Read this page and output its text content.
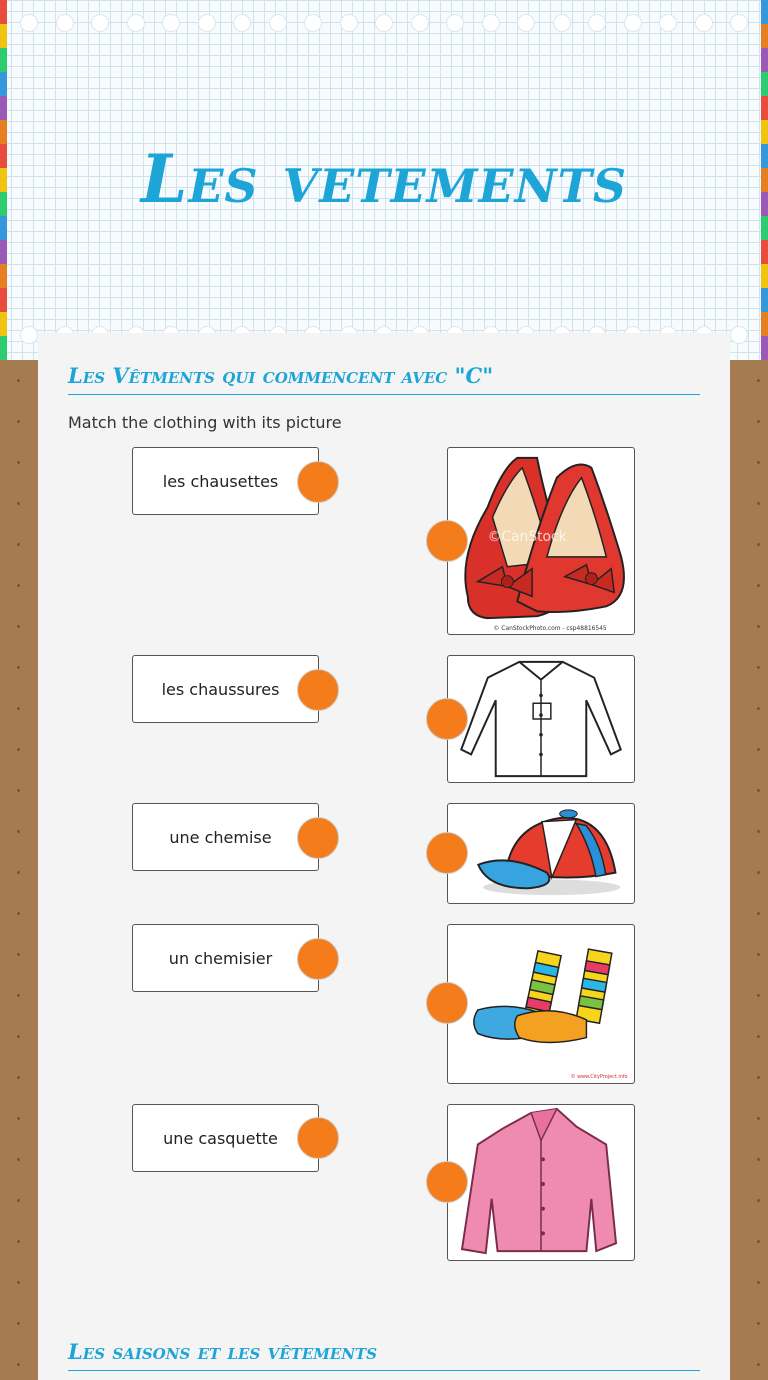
Les vetements
Les Vêtments qui commencent avec "C"
Match the clothing with its picture
les chausettes
les chaussures
une chemise
un chemisier
une casquette
©CanStock
© CanStockPhoto.com - csp48816545
© www.CityProject.info
Les saisons et les vêtements
